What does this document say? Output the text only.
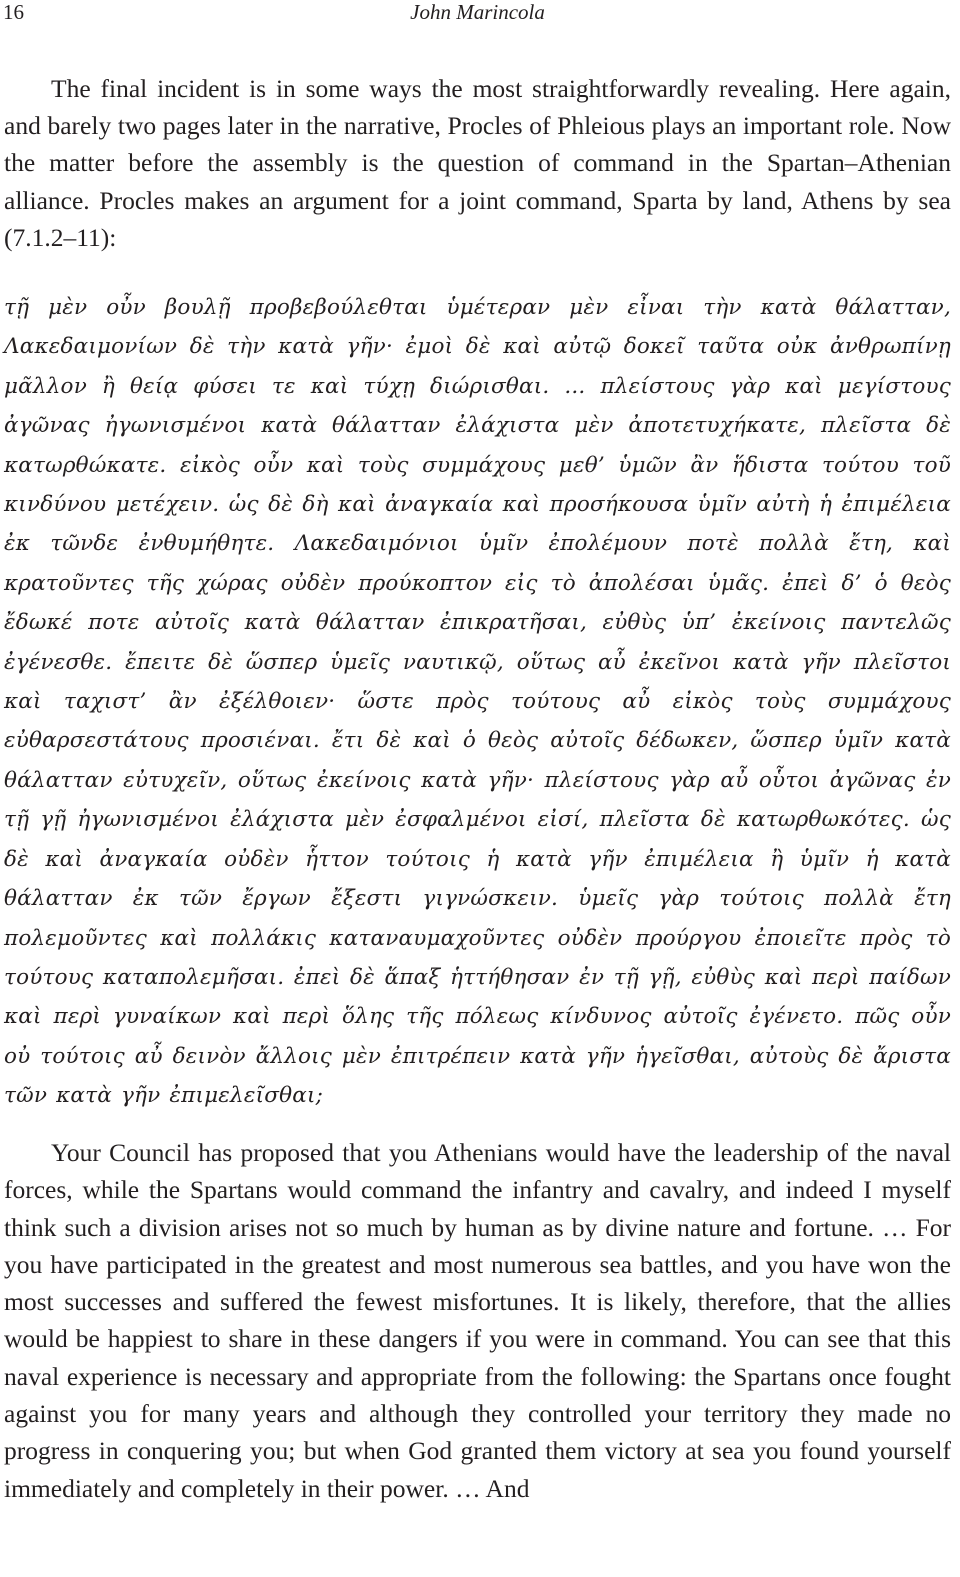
16	John Marincola

The final incident is in some ways the most straightforwardly revealing. Here again, and barely two pages later in the narrative, Procles of Phleious plays an important role. Now the matter before the assembly is the question of command in the Spartan–Athenian alliance. Procles makes an argument for a joint command, Sparta by land, Athens by sea (7.1.2–11):

τῇ μὲν οὖν βουλῇ προβεβούλεθται ὑμέτεραν μὲν εἶναι τὴν κατὰ θάλατταν, Λακεδαιμονίων δὲ τὴν κατὰ γῆν· ἐμοὶ δὲ καὶ αὐτῷ δοκεῖ ταῦτα οὐκ ἀνθρωπίνῃ μᾶλλον ἢ θείᾳ φύσει τε καὶ τύχῃ διώρισθαι. ... πλείστους γὰρ καὶ μεγίστους ἀγῶνας ἠγωνισμένοι κατὰ θάλατταν ἐλάχιστα μὲν ἀποτετυχήκατε, πλεῖστα δὲ κατωρθώκατε. εἰκὸς οὖν καὶ τοὺς συμμάχους μεθ’ ὑμῶν ἂν ἥδιστα τούτου τοῦ κινδύνου μετέχειν. ὡς δὲ δὴ καὶ ἀναγκαία καὶ προσήκουσα ὑμῖν αὐτὴ ἡ ἐπιμέλεια ἐκ τῶνδε ἐνθυμήθητε. Λακεδαιμόνιοι ὑμῖν ἐπολέμουν ποτὲ πολλὰ ἔτη, καὶ κρατοῦντες τῆς χώρας οὐδὲν προύκοπτον εἰς τὸ ἀπολέσαι ὑμᾶς. ἐπεὶ δ’ ὁ θεὸς ἔδωκέ ποτε αὐτοῖς κατὰ θάλατταν ἐπικρατῆσαι, εὐθὺς ὑπ’ ἐκείνοις παντελῶς ἐγένεσθε. ἔπειτε δὲ ὥσπερ ὑμεῖς ναυτικῷ, οὕτως αὖ ἐκεῖνοι κατὰ γῆν πλεῖστοι καὶ ταχιστ’ ἂν ἐξέλθοιεν· ὥστε πρὸς τούτους αὖ εἰκὸς τοὺς συμμάχους εὐθαρσεστάτους προσιέναι. ἔτι δὲ καὶ ὁ θεὸς αὐτοῖς δέδωκεν, ὥσπερ ὑμῖν κατὰ θάλατταν εὐτυχεῖν, οὕτως ἐκείνοις κατὰ γῆν· πλείστους γὰρ αὖ οὗτοι ἀγῶνας ἐν τῇ γῇ ἠγωνισμένοι ἐλάχιστα μὲν ἐσφαλμένοι εἰσί, πλεῖστα δὲ κατωρθωκότες. ὡς δὲ καὶ ἀναγκαία οὐδὲν ἧττον τούτοις ἡ κατὰ γῆν ἐπιμέλεια ἢ ὑμῖν ἡ κατὰ θάλατταν ἐκ τῶν ἔργων ἔξεστι γιγνώσκειν. ὑμεῖς γὰρ τούτοις πολλὰ ἔτη πολεμοῦντες καὶ πολλάκις καταναυμαχοῦντες οὐδὲν προύργου ἐποιεῖτε πρὸς τὸ τούτους καταπολεμῆσαι. ἐπεὶ δὲ ἅπαξ ἡττήθησαν ἐν τῇ γῇ, εὐθὺς καὶ περὶ παίδων καὶ περὶ γυναίκων καὶ περὶ ὅλης τῆς πόλεως κίνδυνος αὐτοῖς ἐγένετο. πῶς οὖν οὐ τούτοις αὖ δεινὸν ἄλλοις μὲν ἐπιτρέπειν κατὰ γῆν ἡγεῖσθαι, αὐτοὺς δὲ ἄριστα τῶν κατὰ γῆν ἐπιμελεῖσθαι;

Your Council has proposed that you Athenians would have the leadership of the naval forces, while the Spartans would command the infantry and cavalry, and indeed I myself think such a division arises not so much by human as by divine nature and fortune. … For you have participated in the greatest and most numerous sea battles, and you have won the most successes and suffered the fewest misfortunes. It is likely, therefore, that the allies would be happiest to share in these dangers if you were in command. You can see that this naval experience is necessary and appropriate from the following: the Spartans once fought against you for many years and although they controlled your territory they made no progress in conquering you; but when God granted them victory at sea you found yourself immediately and completely in their power. … And
